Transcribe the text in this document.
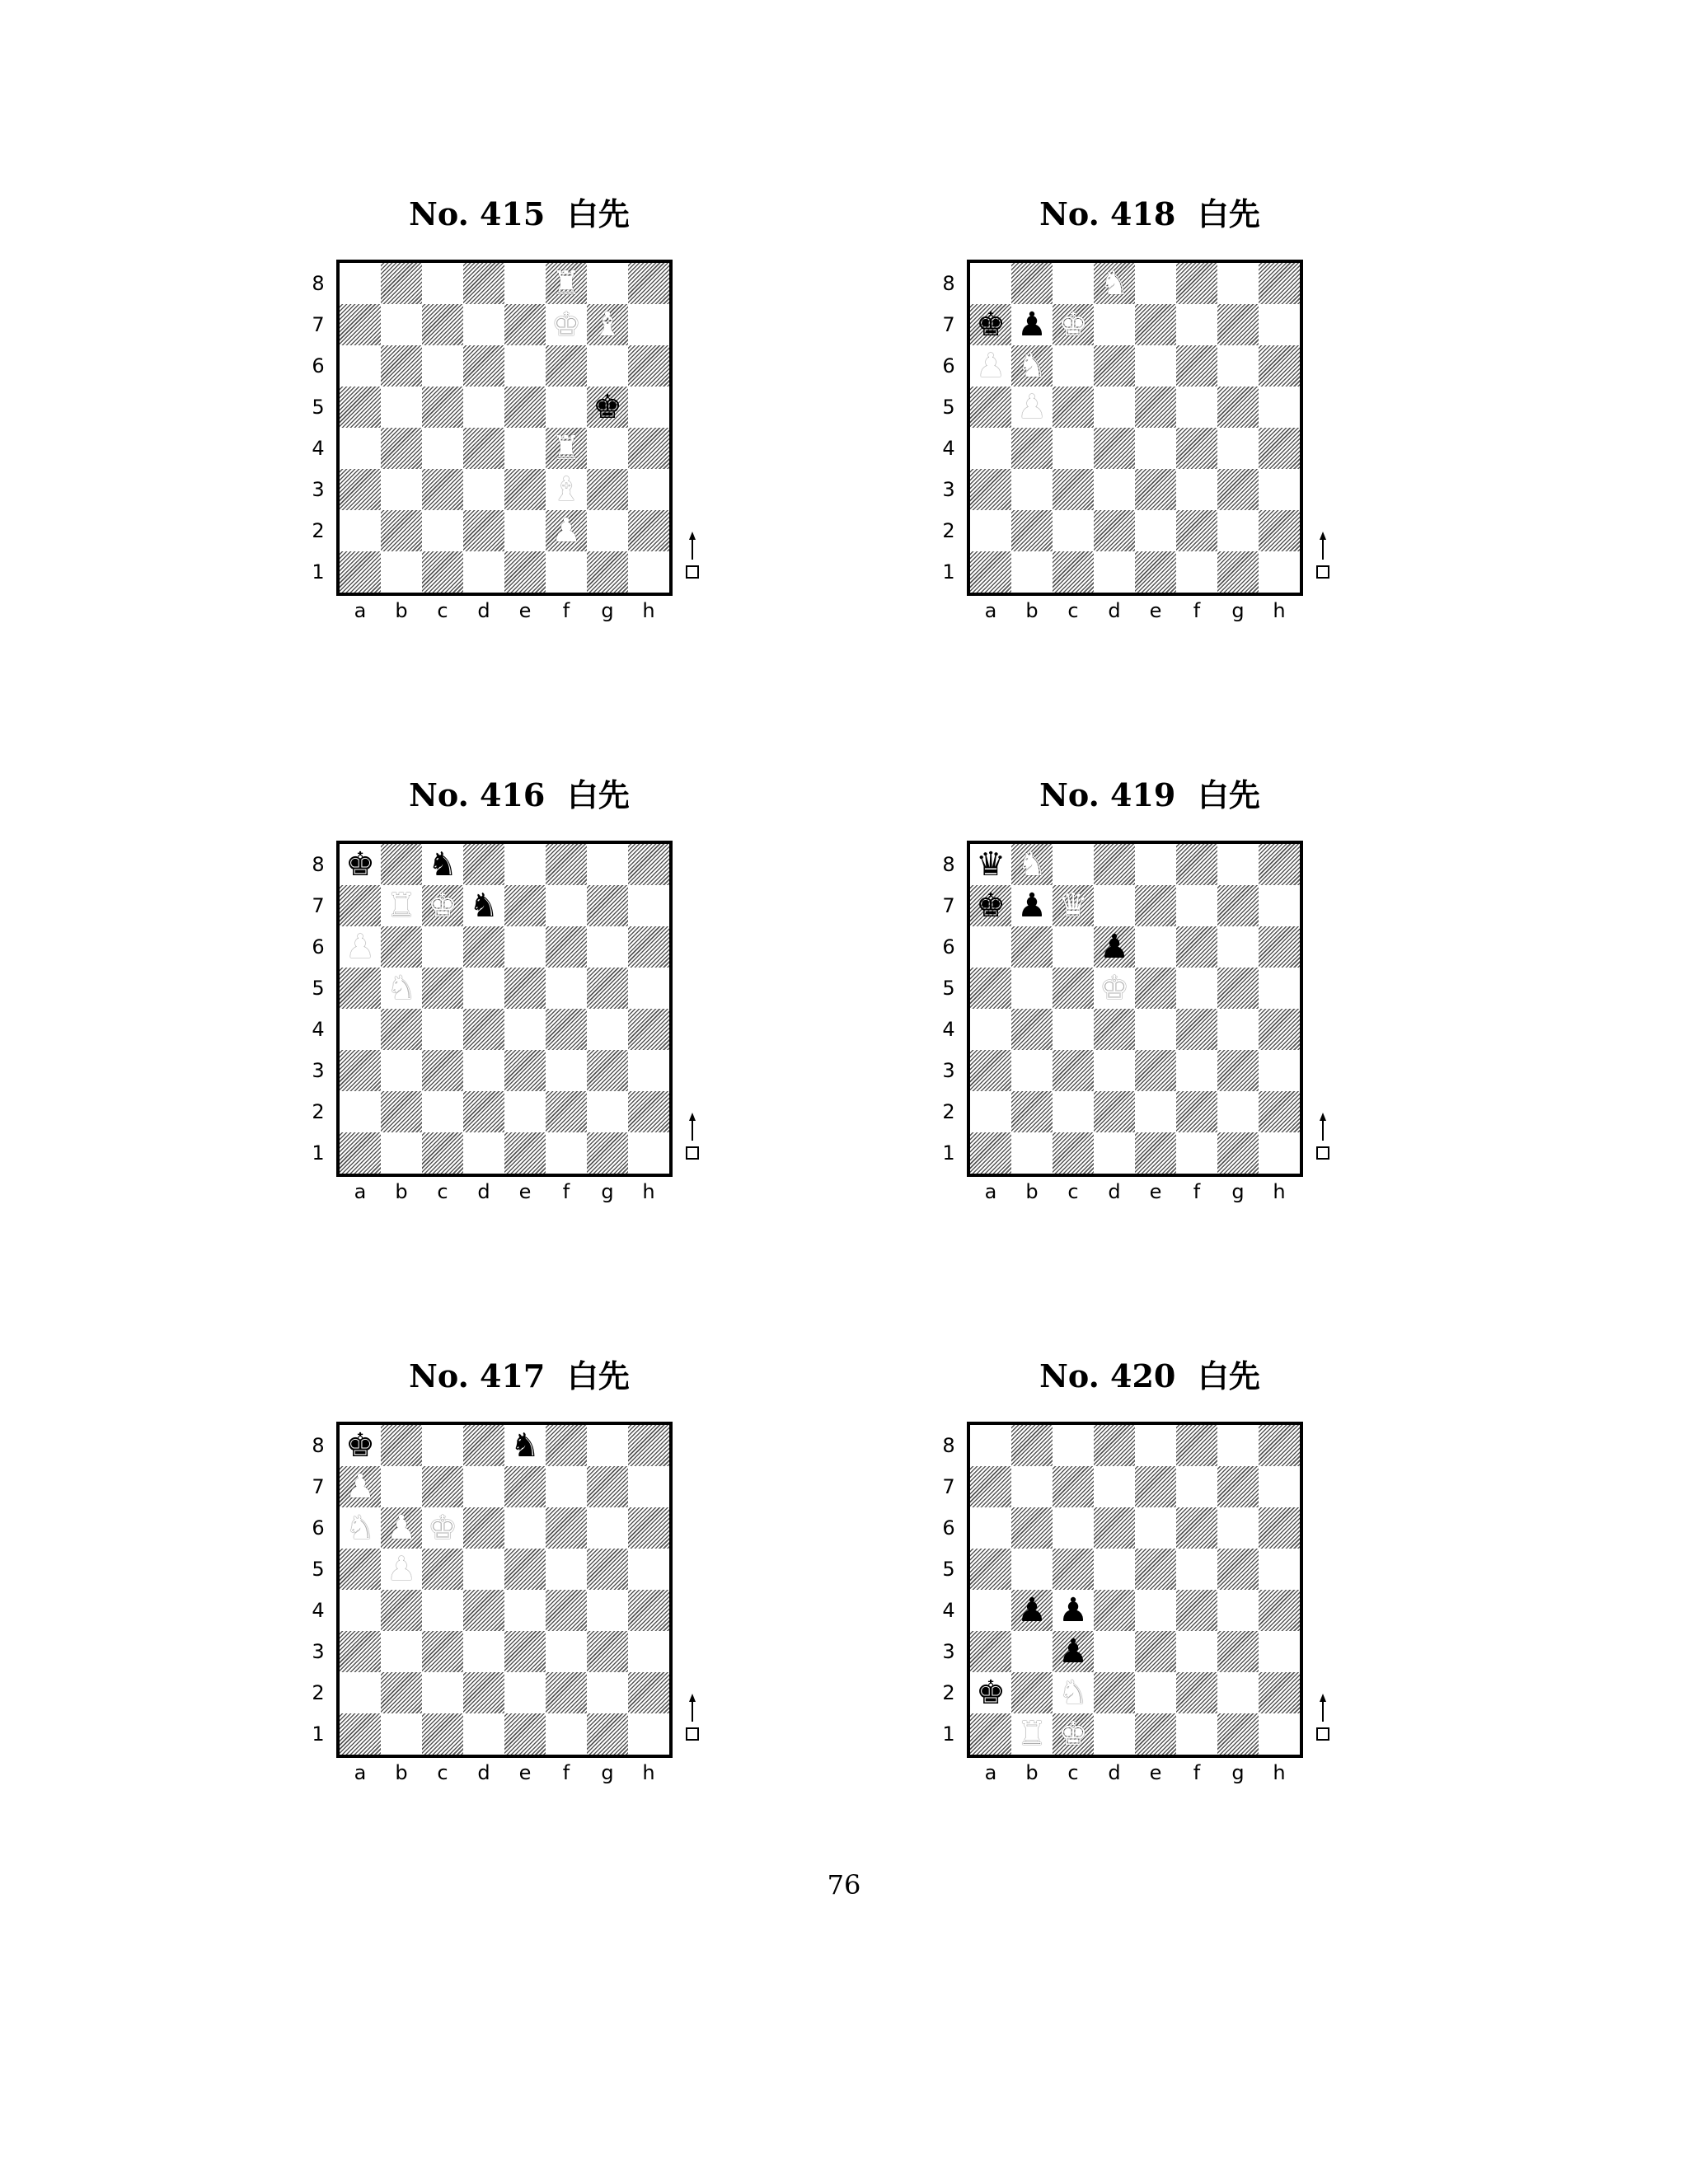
No. 415  白先
♜
♚ ♝
♚
♜
♝
♟
8
7
6
5
4
3
2
1
a	b	c	d	e	f	g	h
No. 418  白先
♞
♚ ♟ ♚
♟ ♞
♟
8
7
6
5
4
3
2
1
a	b	c	d	e	f	g	h
No. 416  白先
♚ ♞
♜ ♚ ♞
♟
♞
8
7
6
5
4
3
2
1
a	b	c	d	e	f	g	h
No. 419  白先
♛ ♞
♚ ♟ ♛
♟
♚
8
7
6
5
4
3
2
1
a	b	c	d	e	f	g	h
No. 417  白先
♚	♞
♟
♞ ♟ ♚
♟
8
7
6
5
4
3
2
1
a	b	c	d	e	f	g	h
No. 420  白先
♟ ♟
♟
♚ ♞
♜ ♚
8
7
6
5
4
3
2
1
a	b	c	d	e	f	g	h
76
